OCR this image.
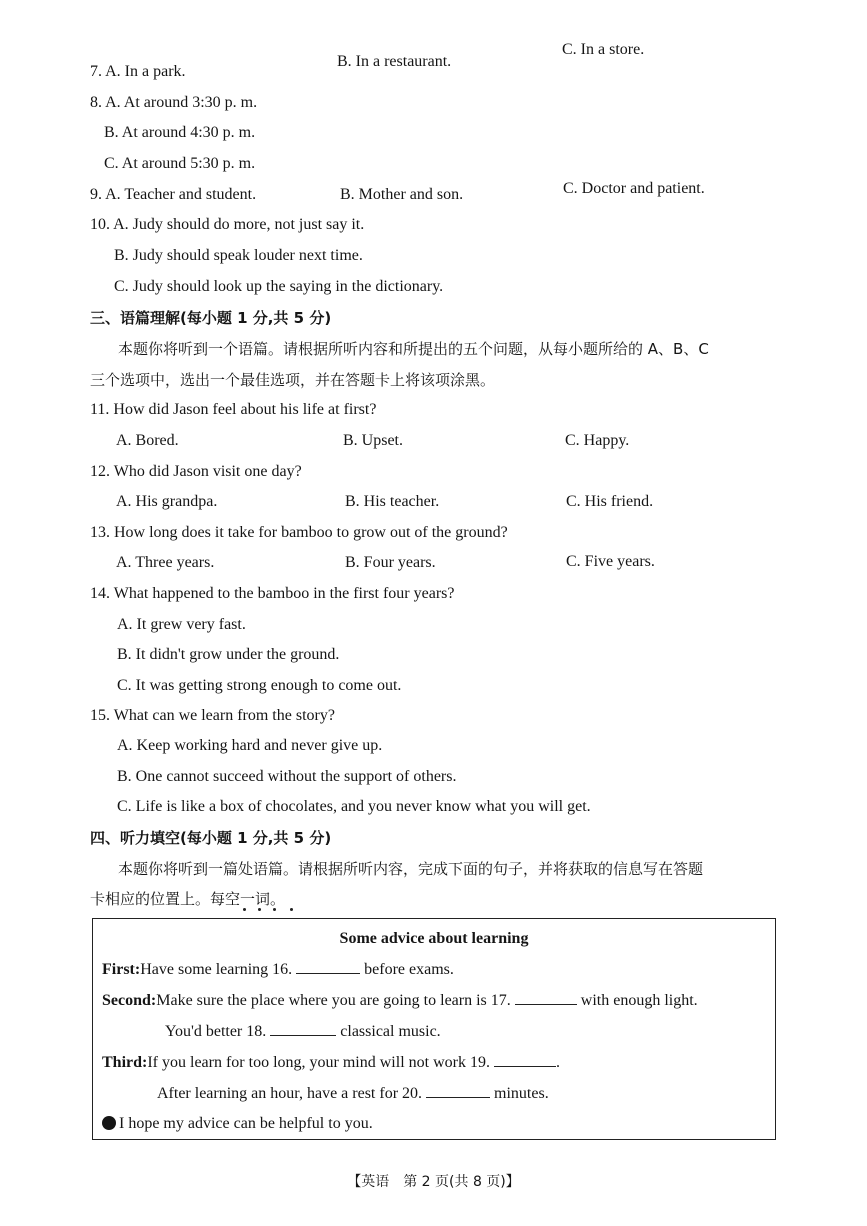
7. A. In a park.
B. In a restaurant.
C. In a store.
8. A. At around 3:30 p. m.
B. At around 4:30 p. m.
C. At around 5:30 p. m.
9. A. Teacher and student.	B. Mother and son.	C. Doctor and patient.
10. A. Judy should do more, not just say it.
B. Judy should speak louder next time.
C. Judy should look up the saying in the dictionary.
三、语篇理解(每小题 1 分,共 5 分)
本题你将听到一个语篇。请根据所听内容和所提出的五个问题，从每小题所给的 A、B、C
三个选项中，选出一个最佳选项，并在答题卡上将该项涂黑。
11. How did Jason feel about his life at first?
A. Bored.	B. Upset.	C. Happy.
12. Who did Jason visit one day?
A. His grandpa.	B. His teacher.	C. His friend.
13. How long does it take for bamboo to grow out of the ground?
A. Three years.	B. Four years.	C. Five years.
14. What happened to the bamboo in the first four years?
A. It grew very fast.
B. It didn't grow under the ground.
C. It was getting strong enough to come out.
15. What can we learn from the story?
A. Keep working hard and never give up.
B. One cannot succeed without the support of others.
C. Life is like a box of chocolates, and you never know what you will get.
四、听力填空(每小题 1 分,共 5 分)
本题你将听到一篇处语篇。请根据所听内容，完成下面的句子，并将获取的信息写在答题
卡相应的位置上。每空一词。
Some advice about learning
First:Have some learning 16.	before exams.
Second:Make sure the place where you are going to learn is 17.	with enough light.
You'd better 18.	classical music.
Third:If you learn for too long, your mind will not work 19.	.
After learning an hour, have a rest for 20.	minutes.
I hope my advice can be helpful to you.
【英语　第 2 页(共 8 页)】
